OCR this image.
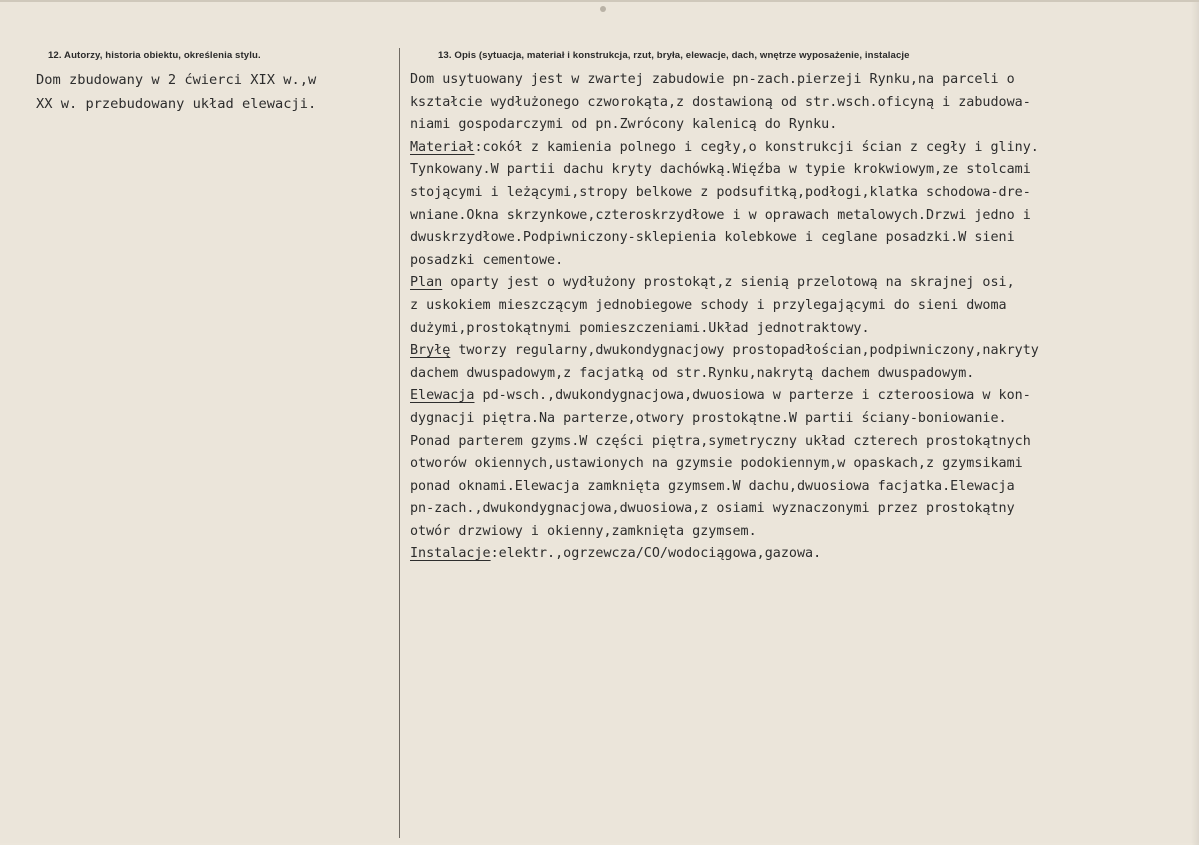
12. Autorzy, historia obiektu, określenia stylu.
Dom zbudowany w 2 ćwierci XIX w.,w
XX w. przebudowany układ elewacji.
13. Opis (sytuacja, materiał i konstrukcja, rzut, bryła, elewacje, dach, wnętrze wyposażenie, instalacje
Dom usytuowany jest w zwartej zabudowie pn-zach.pierzeji Rynku,na parceli o
kształcie wydłużonego czworokąta,z dostawioną od str.wsch.oficyną i zabudowa-
niami gospodarczymi od pn.Zwrócony kalenicą do Rynku.
Materiał:cokół z kamienia polnego i cegły,o konstrukcji ścian z cegły i gliny.
Tynkowany.W partii dachu kryty dachówką.Więźba w typie krokwiowym,ze stolcami
stojącymi i leżącymi,stropy belkowe z podsufitką,podłogi,klatka schodowa-dre-
wniane.Okna skrzynkowe,czteroskrzydłowe i w oprawach metalowych.Drzwi jedno i
dwuskrzydłowe.Podpiwniczony-sklepienia kolebkowe i ceglane posadzki.W sieni
posadzki cementowe.
Plan oparty jest o wydłużony prostokąt,z sienią przelotową na skrajnej osi,
z uskokiem mieszczącym jednobiegowe schody i przylegającymi do sieni dwoma
dużymi,prostokątnymi pomieszczeniami.Układ jednotraktowy.
Bryłę tworzy regularny,dwukondygnacjowy prostopadłościan,podpiwniczony,nakryty
dachem dwuspadowym,z facjatką od str.Rynku,nakrytą dachem dwuspadowym.
Elewacja pd-wsch.,dwukondygnacjowa,dwuosiowa w parterze i czteroosiowa w kon-
dygnacji piętra.Na parterze,otwory prostokątne.W partii ściany-boniowanie.
Ponad parterem gzyms.W części piętra,symetryczny układ czterech prostokątnych
otworów okiennych,ustawionych na gzymsie podokiennym,w opaskach,z gzymsikami
ponad oknami.Elewacja zamknięta gzymsem.W dachu,dwuosiowa facjatka.Elewacja
pn-zach.,dwukondygnacjowa,dwuosiowa,z osiami wyznaczonymi przez prostokątny
otwór drzwiowy i okienny,zamknięta gzymsem.
Instalacje:elektr.,ogrzewcza/CO/wodociągowa,gazowa.
